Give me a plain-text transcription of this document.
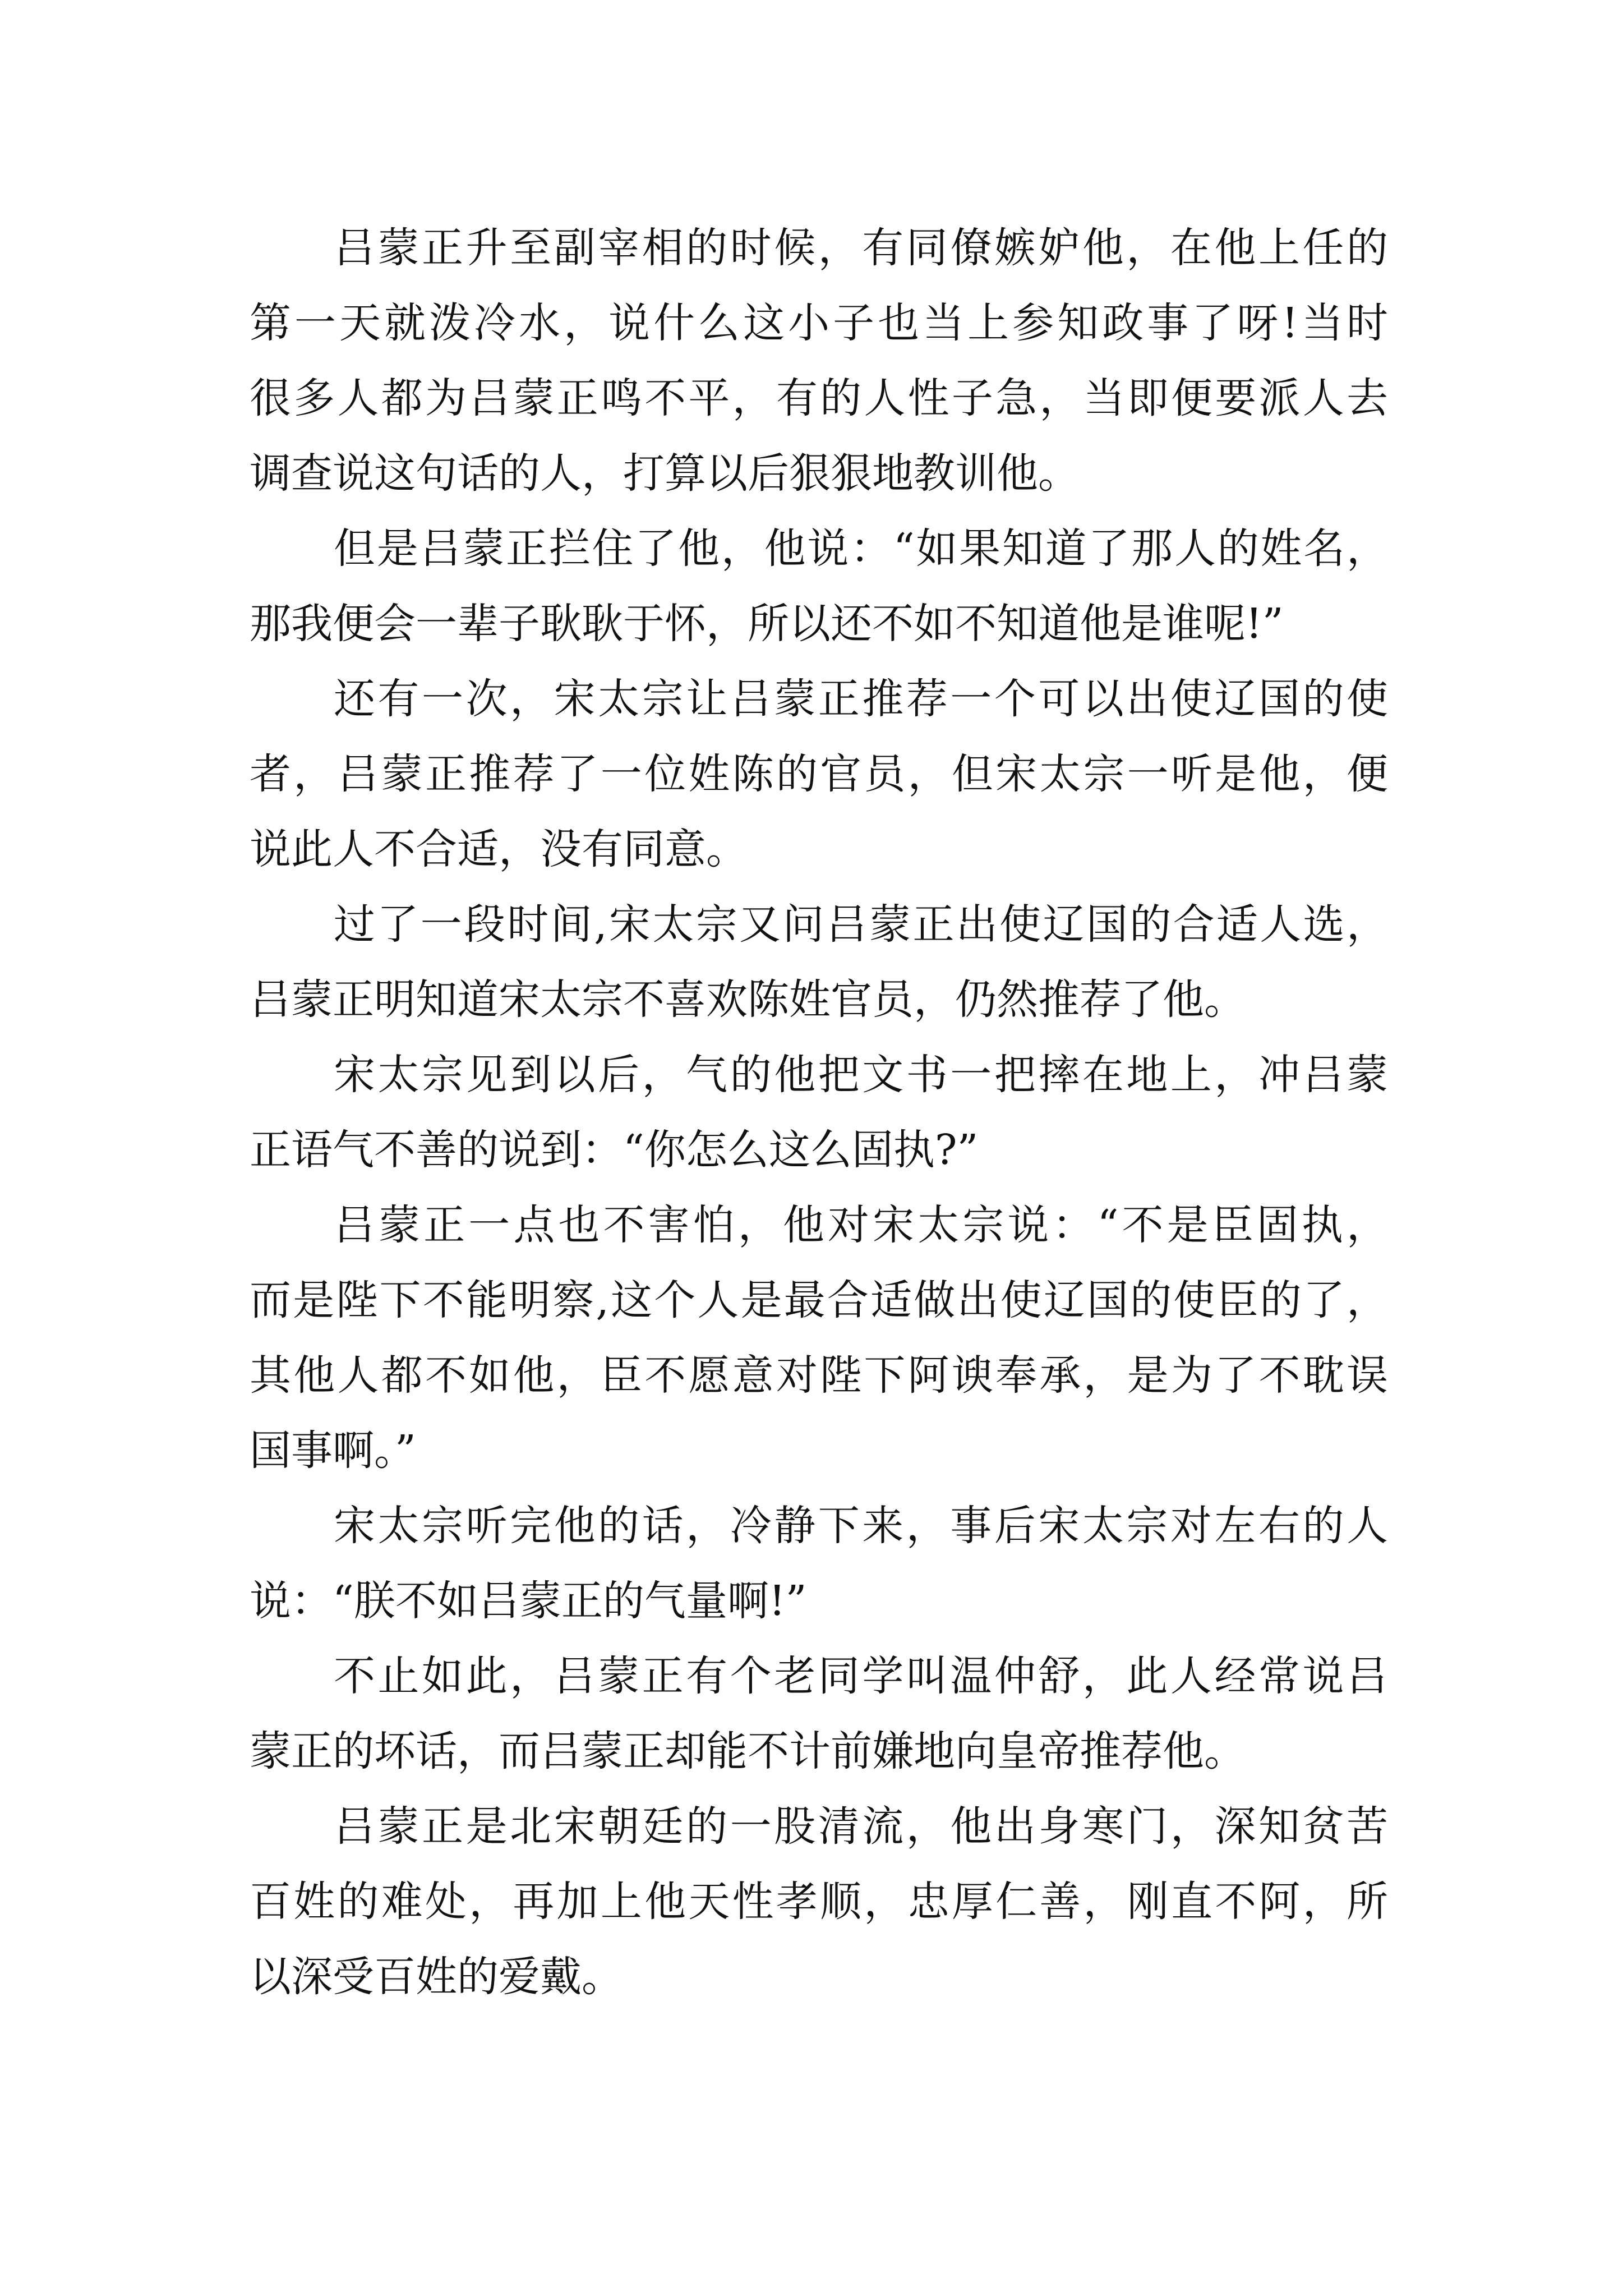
吕蒙正升至副宰相的时候，有同僚嫉妒他，在他上任的
第一天就泼冷水，说什么这小子也当上参知政事了呀!当时
很多人都为吕蒙正鸣不平，有的人性子急，当即便要派人去
调查说这句话的人，打算以后狠狠地教训他。
但是吕蒙正拦住了他，他说：“如果知道了那人的姓名，
那我便会一辈子耿耿于怀，所以还不如不知道他是谁呢!”
还有一次，宋太宗让吕蒙正推荐一个可以出使辽国的使
者，吕蒙正推荐了一位姓陈的官员，但宋太宗一听是他，便
说此人不合适，没有同意。
过了一段时间,宋太宗又问吕蒙正出使辽国的合适人选，
吕蒙正明知道宋太宗不喜欢陈姓官员，仍然推荐了他。
宋太宗见到以后，气的他把文书一把摔在地上，冲吕蒙
正语气不善的说到：“你怎么这么固执?”
吕蒙正一点也不害怕，他对宋太宗说：“不是臣固执，
而是陛下不能明察,这个人是最合适做出使辽国的使臣的了，
其他人都不如他，臣不愿意对陛下阿谀奉承，是为了不耽误
国事啊。”
宋太宗听完他的话，冷静下来，事后宋太宗对左右的人
说：“朕不如吕蒙正的气量啊!”
不止如此，吕蒙正有个老同学叫温仲舒，此人经常说吕
蒙正的坏话，而吕蒙正却能不计前嫌地向皇帝推荐他。
吕蒙正是北宋朝廷的一股清流，他出身寒门，深知贫苦
百姓的难处，再加上他天性孝顺，忠厚仁善，刚直不阿，所
以深受百姓的爱戴。
